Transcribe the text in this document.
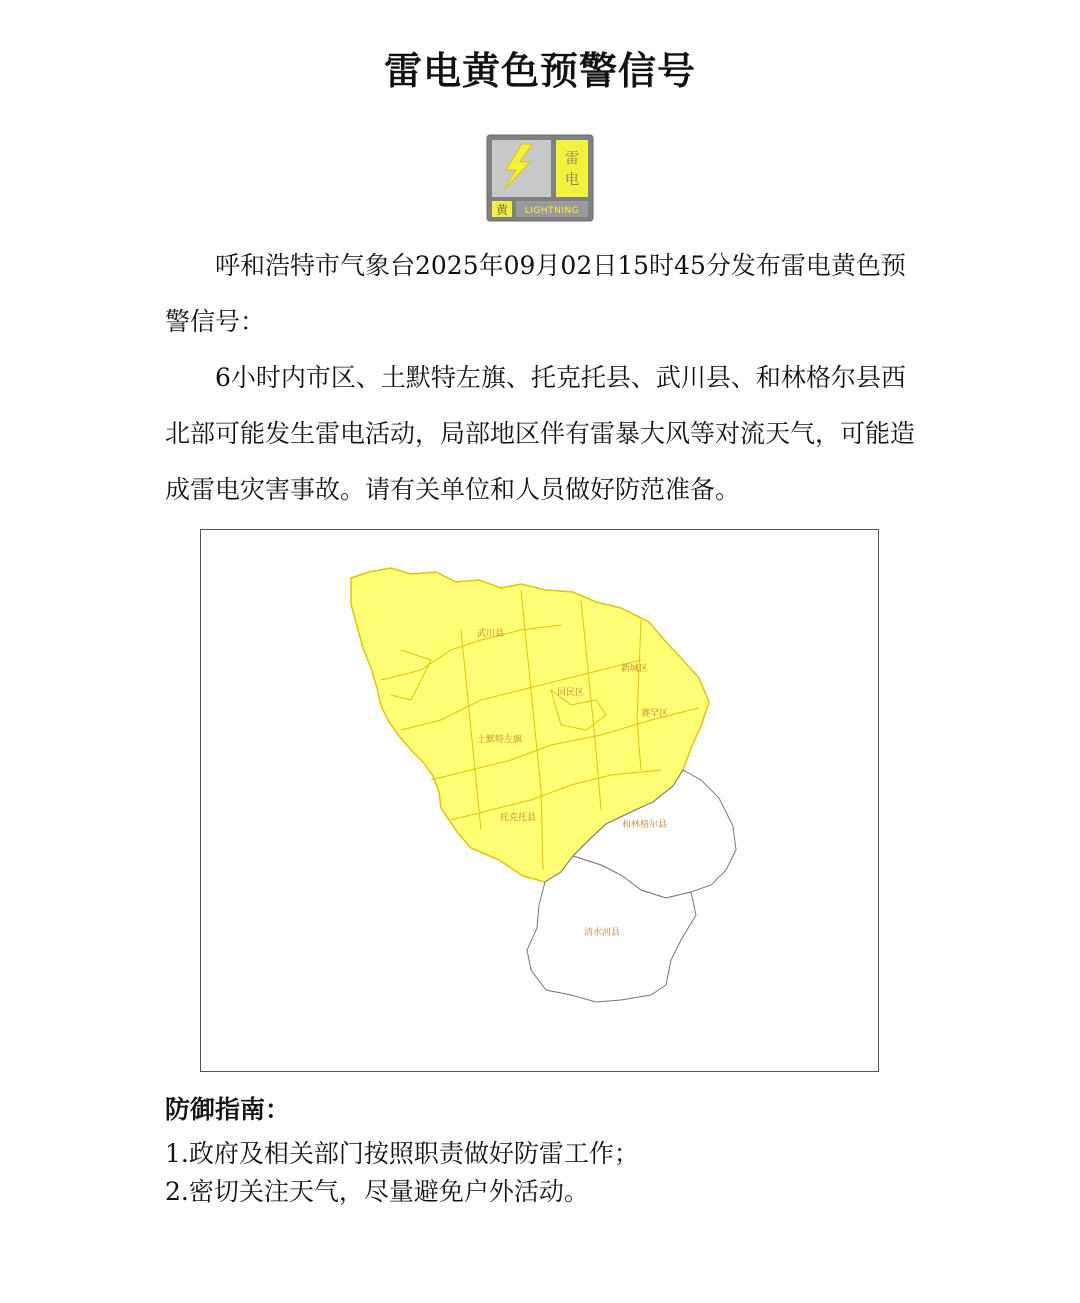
雷电黄色预警信号
雷
电
黄 LIGHTNING

呼和浩特市气象台2025年09月02日15时45分发布雷电黄色预警信号：

6小时内市区、土默特左旗、托克托县、武川县、和林格尔县西北部可能发生雷电活动，局部地区伴有雷暴大风等对流天气，可能造成雷电灾害事故。请有关单位和人员做好防范准备。

武川县
新城区
回民区
赛罕区
土默特左旗
托克托县
和林格尔县
清水河县
防御指南：
1.政府及相关部门按照职责做好防雷工作；
2.密切关注天气，尽量避免户外活动。
